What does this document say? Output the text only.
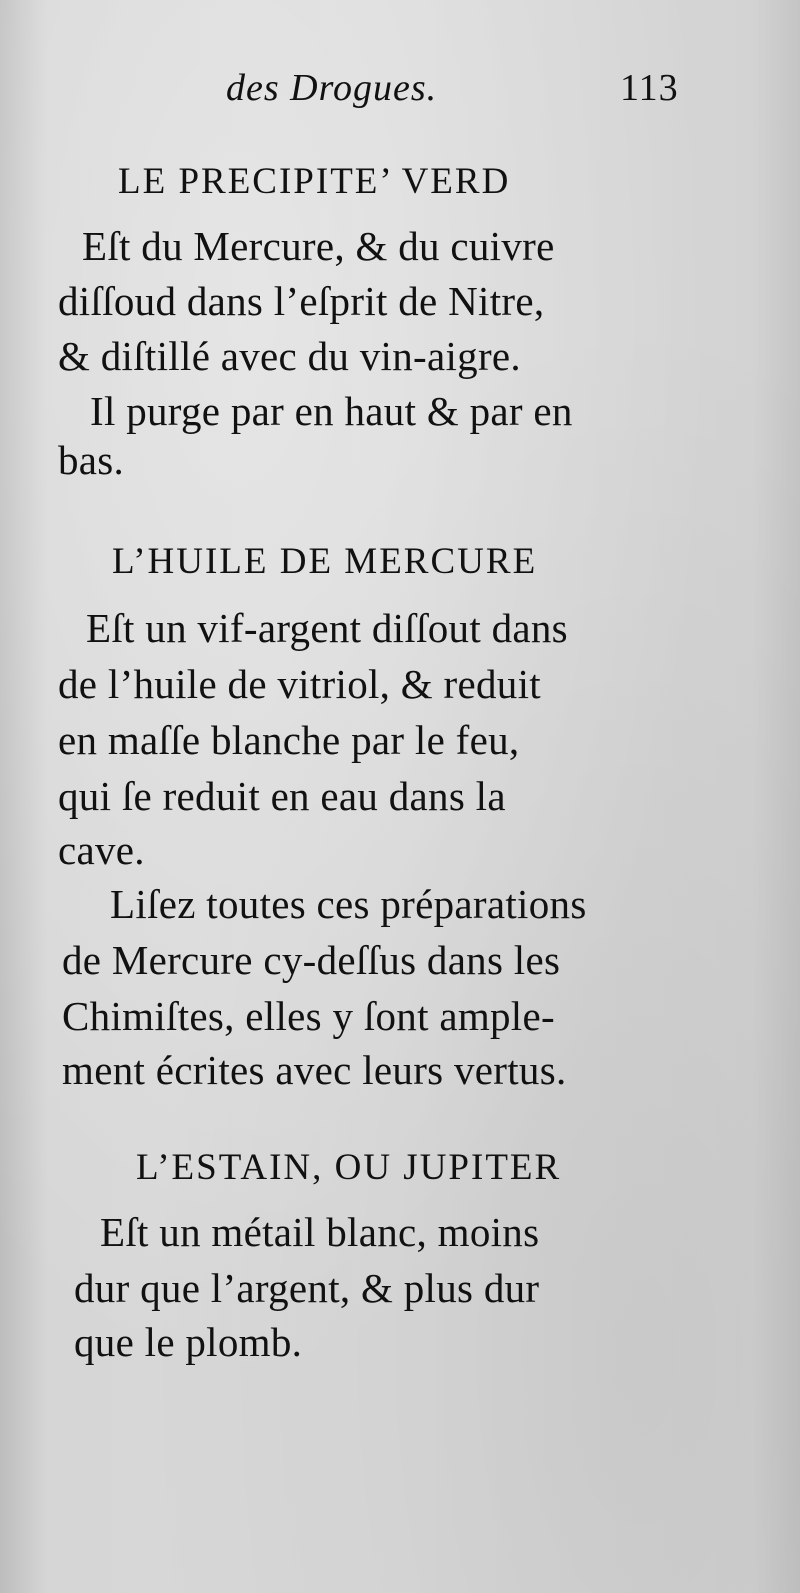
des Drogues.	113
LE PRECIPITE’ VERD
Eſt du Mercure, & du cuivre
diſſoud dans l’eſprit de Nitre,
& diſtillé avec du vin-aigre.
Il purge par en haut & par en
bas.
L’HUILE DE MERCURE
Eſt un vif-argent diſſout dans
de l’huile de vitriol, & reduit
en maſſe blanche par le feu,
qui ſe reduit en eau dans la
cave.
Liſez toutes ces préparations
de Mercure cy-deſſus dans les
Chimiſtes, elles y ſont ample-
ment écrites avec leurs vertus.
L’ESTAIN, OU JUPITER
Eſt un métail blanc, moins
dur que l’argent, & plus dur
que le plomb.
